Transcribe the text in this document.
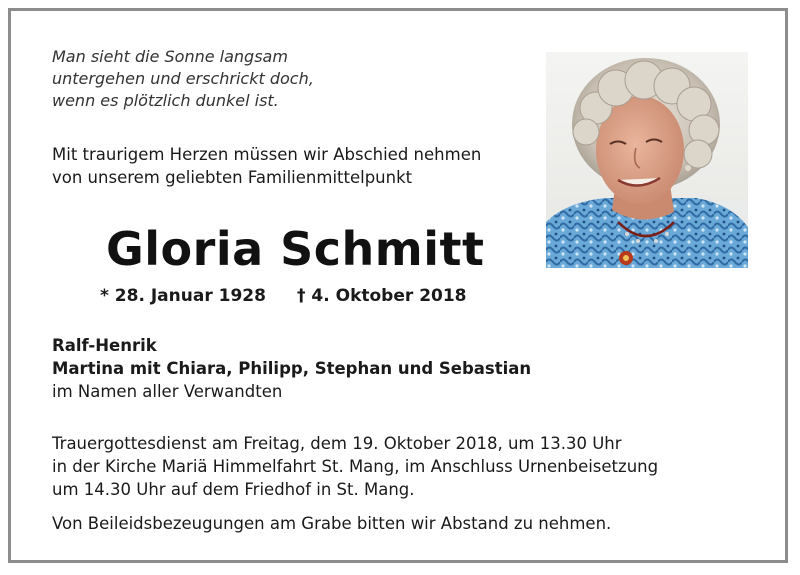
Man sieht die Sonne langsam
untergehen und erschrickt doch,
wenn es plötzlich dunkel ist.
Mit traurigem Herzen müssen wir Abschied nehmen
von unserem geliebten Familienmittelpunkt
Gloria Schmitt
* 28. Januar 1928 † 4. Oktober 2018
Ralf-Henrik
Martina mit Chiara, Philipp, Stephan und Sebastian
im Namen aller Verwandten
Trauergottesdienst am Freitag, dem 19. Oktober 2018, um 13.30 Uhr
in der Kirche Mariä Himmelfahrt St. Mang, im Anschluss Urnenbeisetzung
um 14.30 Uhr auf dem Friedhof in St. Mang.
Von Beileidsbezeugungen am Grabe bitten wir Abstand zu nehmen.
